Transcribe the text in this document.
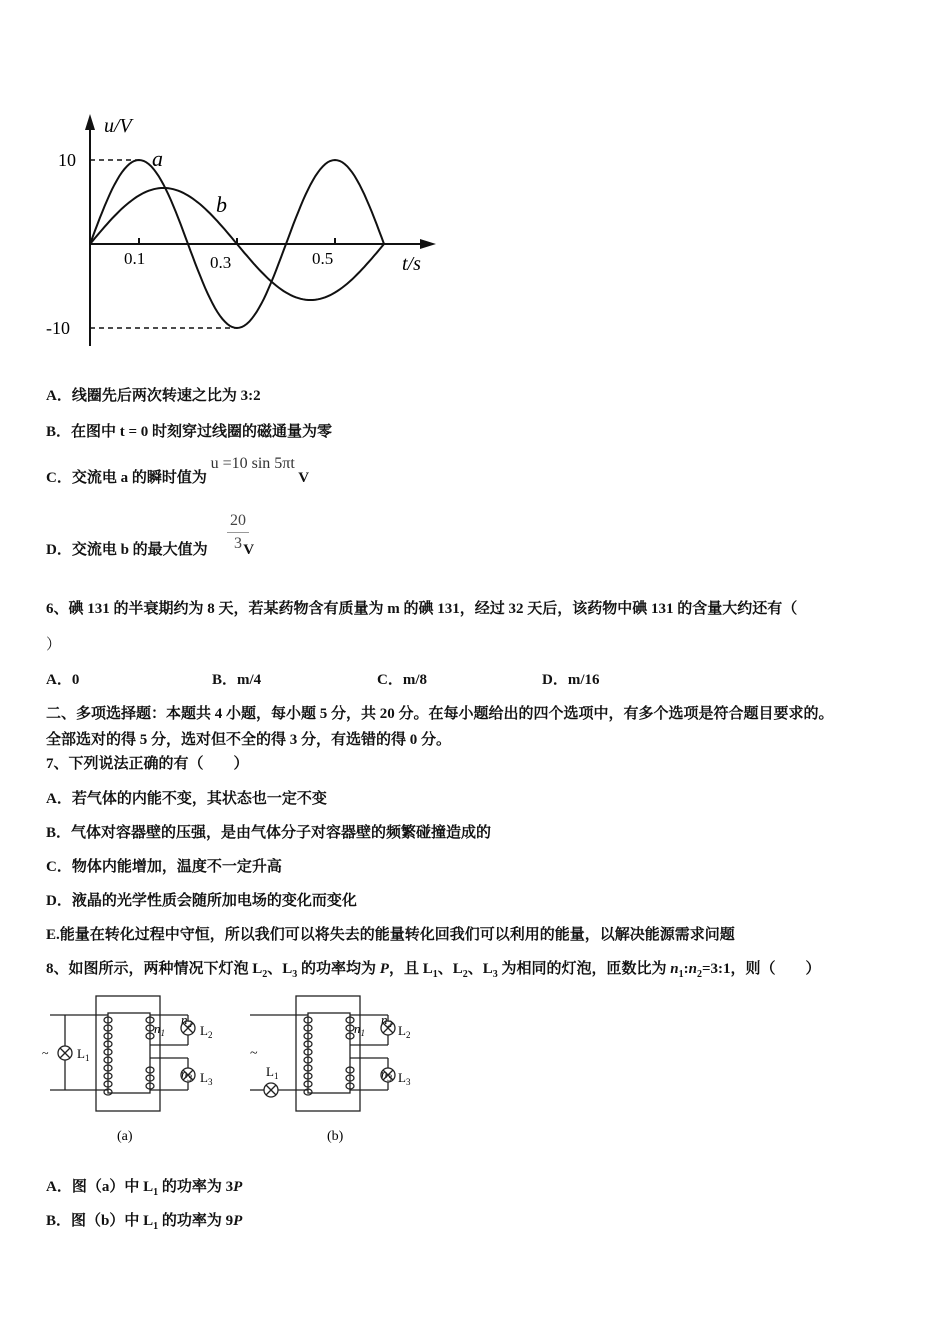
u/V
t/s
10
-10
0.1	0.3	0.5
a
b
A．线圈先后两次转速之比为 3:2
B．在图中 t = 0 时刻穿过线圈的磁通量为零
C．交流电 a 的瞬时值为 u =10 sin 5πt V
D．交流电 b 的最大值为 V
20
3
6、碘 131 的半衰期约为 8 天，若某药物含有质量为 m 的碘 131，经过 32 天后，该药物中碘 131 的含量大约还有（
）
A．0	B．m/4	C．m/8	D．m/16
二、多项选择题：本题共 4 小题，每小题 5 分，共 20 分。在每小题给出的四个选项中，有多个选项是符合题目要求的。
全部选对的得 5 分，选对但不全的得 3 分，有选错的得 0 分。
7、下列说法正确的有（　　）
A．若气体的内能不变，其状态也一定不变
B．气体对容器壁的压强，是由气体分子对容器壁的频繁碰撞造成的
C．物体内能增加，温度不一定升高
D．液晶的光学性质会随所加电场的变化而变化
E.能量在转化过程中守恒，所以我们可以将失去的能量转化回我们可以利用的能量，以解决能源需求问题
8、如图所示，两种情况下灯泡 $L_2$、$L_3$ 的功率均为 P，且 $L_1$、$L_2$、$L_3$ 为相同的灯泡，匝数比为 $n_1:n_2=3:1$，则（　　）
(a)	(b)
$n_1$
$n_2$
$n_3$
~ $L_1$
$L_2$
$L_3$
$n_1$
$n_2$
$n_3$
~
$L_1$
$L_2$
$L_3$
A．图（a）中 $L_1$ 的功率为 3P
B．图（b）中 $L_1$ 的功率为 9P
